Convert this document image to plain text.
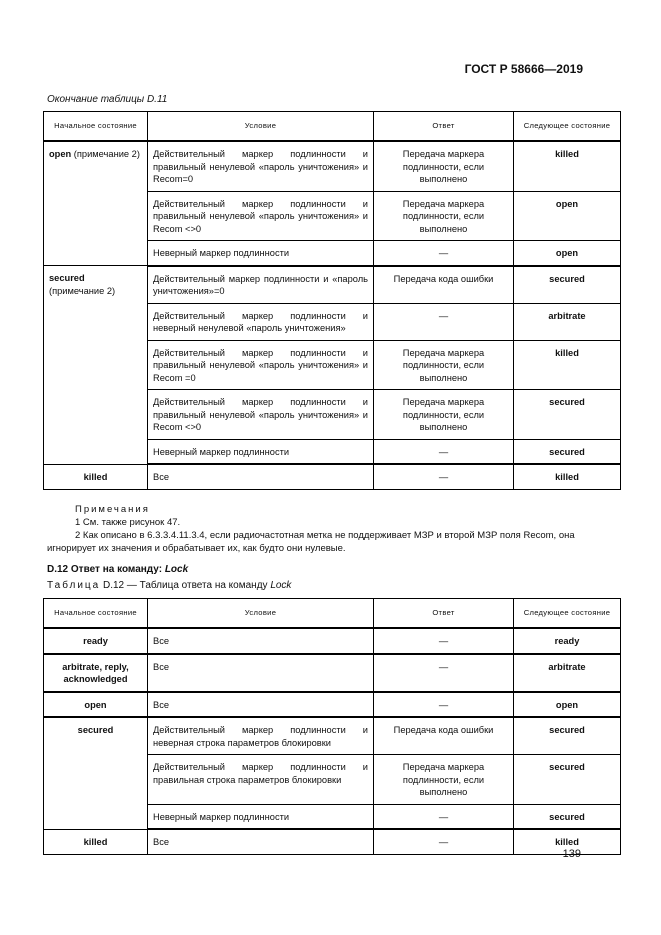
ГОСТ Р 58666—2019
Окончание таблицы D.11
Начальное состояние	Условие	Ответ	Следующее состояние
open (примечание 2)	Действительный маркер подлинности и правильный ненулевой «пароль уничтожения» и Recom=0	Передача маркера подлинности, если выполнено	killed
	Действительный маркер подлинности и правильный ненулевой «пароль уничтожения» и Recom <>0	Передача маркера подлинности, если выполнено	open
	Неверный маркер подлинности	—	open
secured (примечание 2)	Действительный маркер подлинности и «пароль уничтожения»=0	Передача кода ошибки	secured
	Действительный маркер подлинности и неверный ненулевой «пароль уничтожения»	—	arbitrate
	Действительный маркер подлинности и правильный ненулевой «пароль уничтожения» и Recom =0	Передача маркера подлинности, если выполнено	killed
	Действительный маркер подлинности и правильный ненулевой «пароль уничтожения» и Recom <>0	Передача маркера подлинности, если выполнено	secured
	Неверный маркер подлинности	—	secured
killed	Все	—	killed
Примечания
1 См. также рисунок 47.
2 Как описано в 6.3.3.4.11.3.4, если радиочастотная метка не поддерживает МЗР и второй МЗР поля Recom, она игнорирует их значения и обрабатывает их, как будто они нулевые.
D.12 Ответ на команду: Lock
Таблица D.12 — Таблица ответа на команду Lock
Начальное состояние	Условие	Ответ	Следующее состояние
ready	Все	—	ready
arbitrate, reply, acknowledged	Все	—	arbitrate
open	Все	—	open
secured	Действительный маркер подлинности и неверная строка параметров блокировки	Передача кода ошибки	secured
	Действительный маркер подлинности и правильная строка параметров блокировки	Передача маркера подлинности, если выполнено	secured
	Неверный маркер подлинности	—	secured
killed	Все	—	killed
139
